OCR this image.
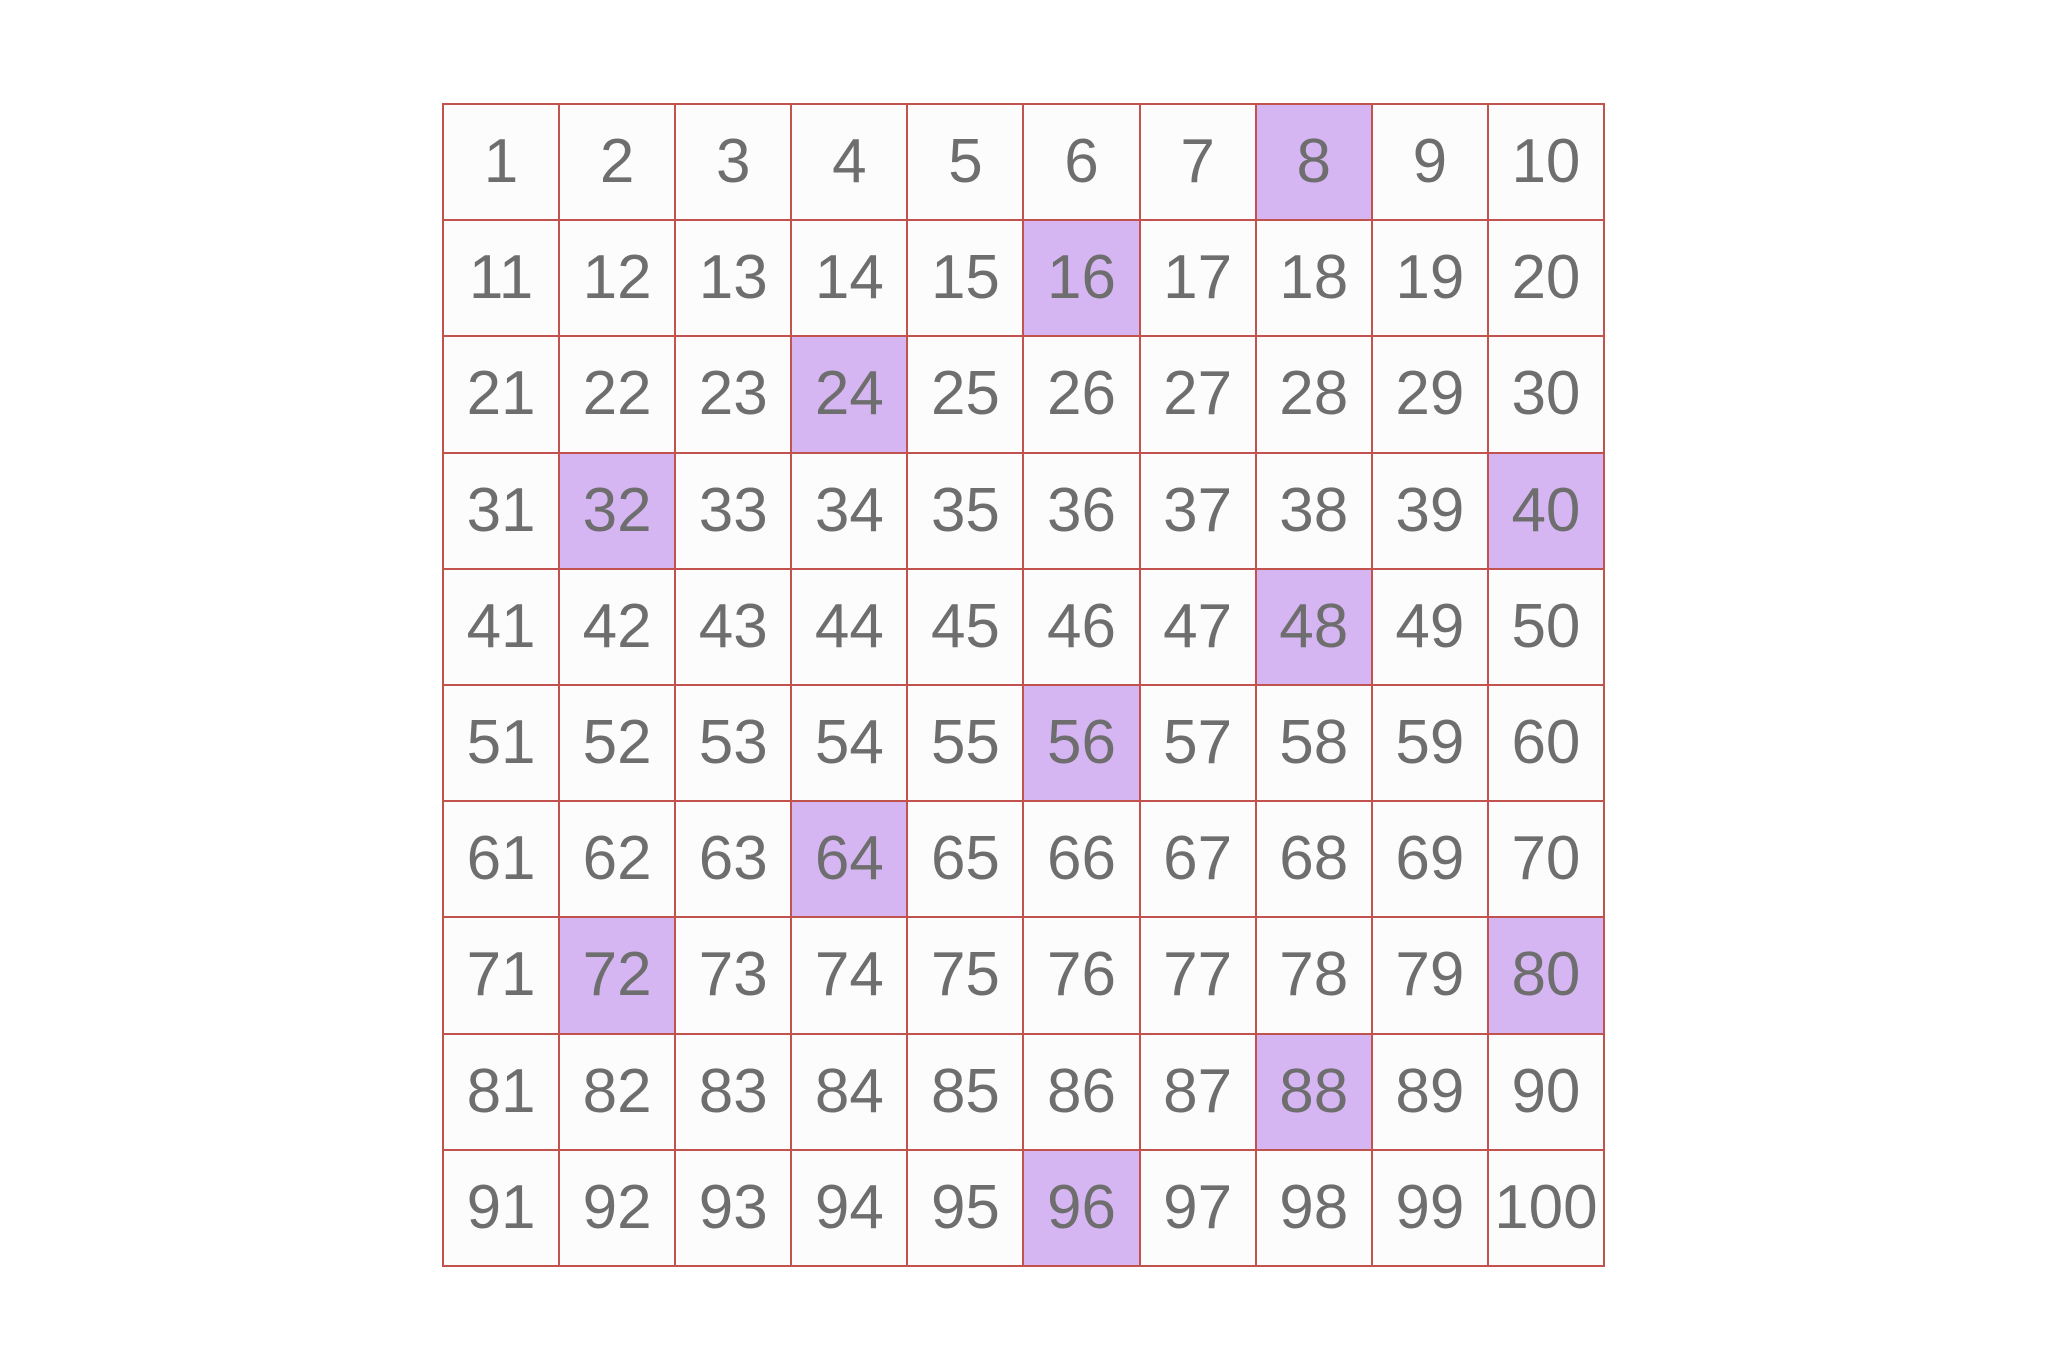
1	2	3	4	5	6	7	8	9	10
11 12 13 14 15 16 17 18 19 20
21 22 23 24 25 26 27 28 29 30
31 32 33 34 35 36 37 38 39 40
41 42 43 44 45 46 47 48 49 50
51 52 53 54 55 56 57 58 59 60
61 62 63 64 65 66 67 68 69 70
71 72 73 74 75 76 77 78 79 80
81 82 83 84 85 86 87 88 89 90
91 92 93 94 95 96 97 98 99 100
